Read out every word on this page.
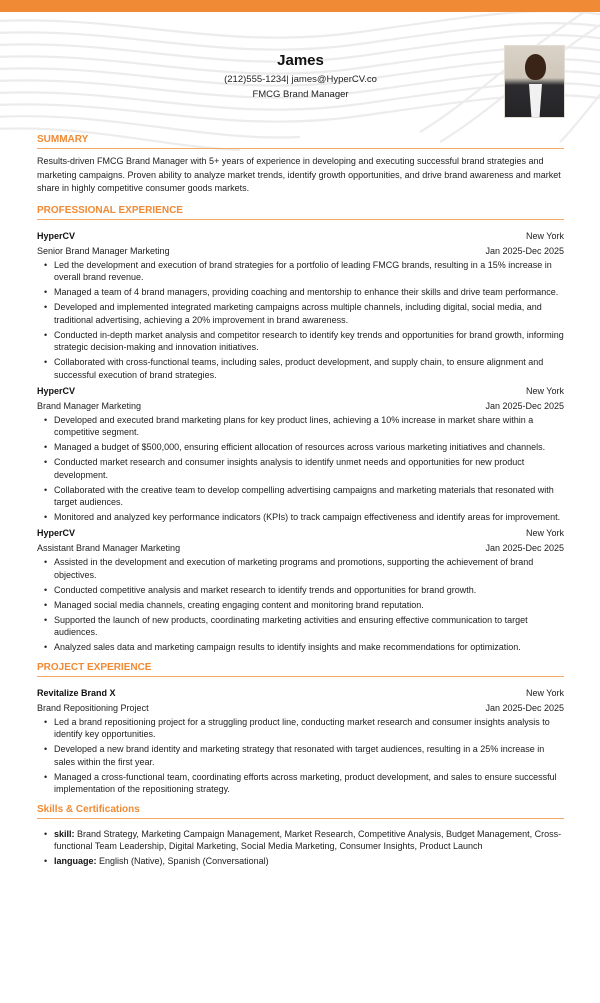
James
(212)555-1234| james@HyperCV.co
FMCG Brand Manager
SUMMARY

Results-driven FMCG Brand Manager with 5+ years of experience in developing and executing successful brand strategies and marketing campaigns. Proven ability to analyze market trends, identify growth opportunities, and drive brand awareness and market share in highly competitive consumer goods markets.

PROFESSIONAL EXPERIENCE
HyperCV	New York
Senior Brand Manager Marketing	Jan 2025-Dec 2025
• Led the development and execution of brand strategies for a portfolio of leading FMCG brands, resulting in a 15% increase in overall brand revenue.
• Managed a team of 4 brand managers, providing coaching and mentorship to enhance their skills and drive team performance.
• Developed and implemented integrated marketing campaigns across multiple channels, including digital, social media, and traditional advertising, achieving a 20% improvement in brand awareness.
• Conducted in-depth market analysis and competitor research to identify key trends and opportunities for brand growth, informing strategic decision-making and innovation initiatives.
• Collaborated with cross-functional teams, including sales, product development, and supply chain, to ensure alignment and successful execution of brand strategies.
HyperCV	New York
Brand Manager Marketing	Jan 2025-Dec 2025
• Developed and executed brand marketing plans for key product lines, achieving a 10% increase in market share within a competitive segment.
• Managed a budget of $500,000, ensuring efficient allocation of resources across various marketing initiatives and channels.
• Conducted market research and consumer insights analysis to identify unmet needs and opportunities for new product development.
• Collaborated with the creative team to develop compelling advertising campaigns and marketing materials that resonated with target audiences.
• Monitored and analyzed key performance indicators (KPIs) to track campaign effectiveness and identify areas for improvement.
HyperCV	New York
Assistant Brand Manager Marketing	Jan 2025-Dec 2025
• Assisted in the development and execution of marketing programs and promotions, supporting the achievement of brand objectives.
• Conducted competitive analysis and market research to identify trends and opportunities for brand growth.
• Managed social media channels, creating engaging content and monitoring brand reputation.
• Supported the launch of new products, coordinating marketing activities and ensuring effective communication to target audiences.
• Analyzed sales data and marketing campaign results to identify insights and make recommendations for optimization.
PROJECT EXPERIENCE
Revitalize Brand X	New York
Brand Repositioning Project	Jan 2025-Dec 2025
• Led a brand repositioning project for a struggling product line, conducting market research and consumer insights analysis to identify key opportunities.
• Developed a new brand identity and marketing strategy that resonated with target audiences, resulting in a 25% increase in sales within the first year.
• Managed a cross-functional team, coordinating efforts across marketing, product development, and sales to ensure successful implementation of the repositioning strategy.
Skills & Certifications
• skill: Brand Strategy, Marketing Campaign Management, Market Research, Competitive Analysis, Budget Management, Cross-functional Team Leadership, Digital Marketing, Social Media Marketing, Consumer Insights, Product Launch
• language: English (Native), Spanish (Conversational)
